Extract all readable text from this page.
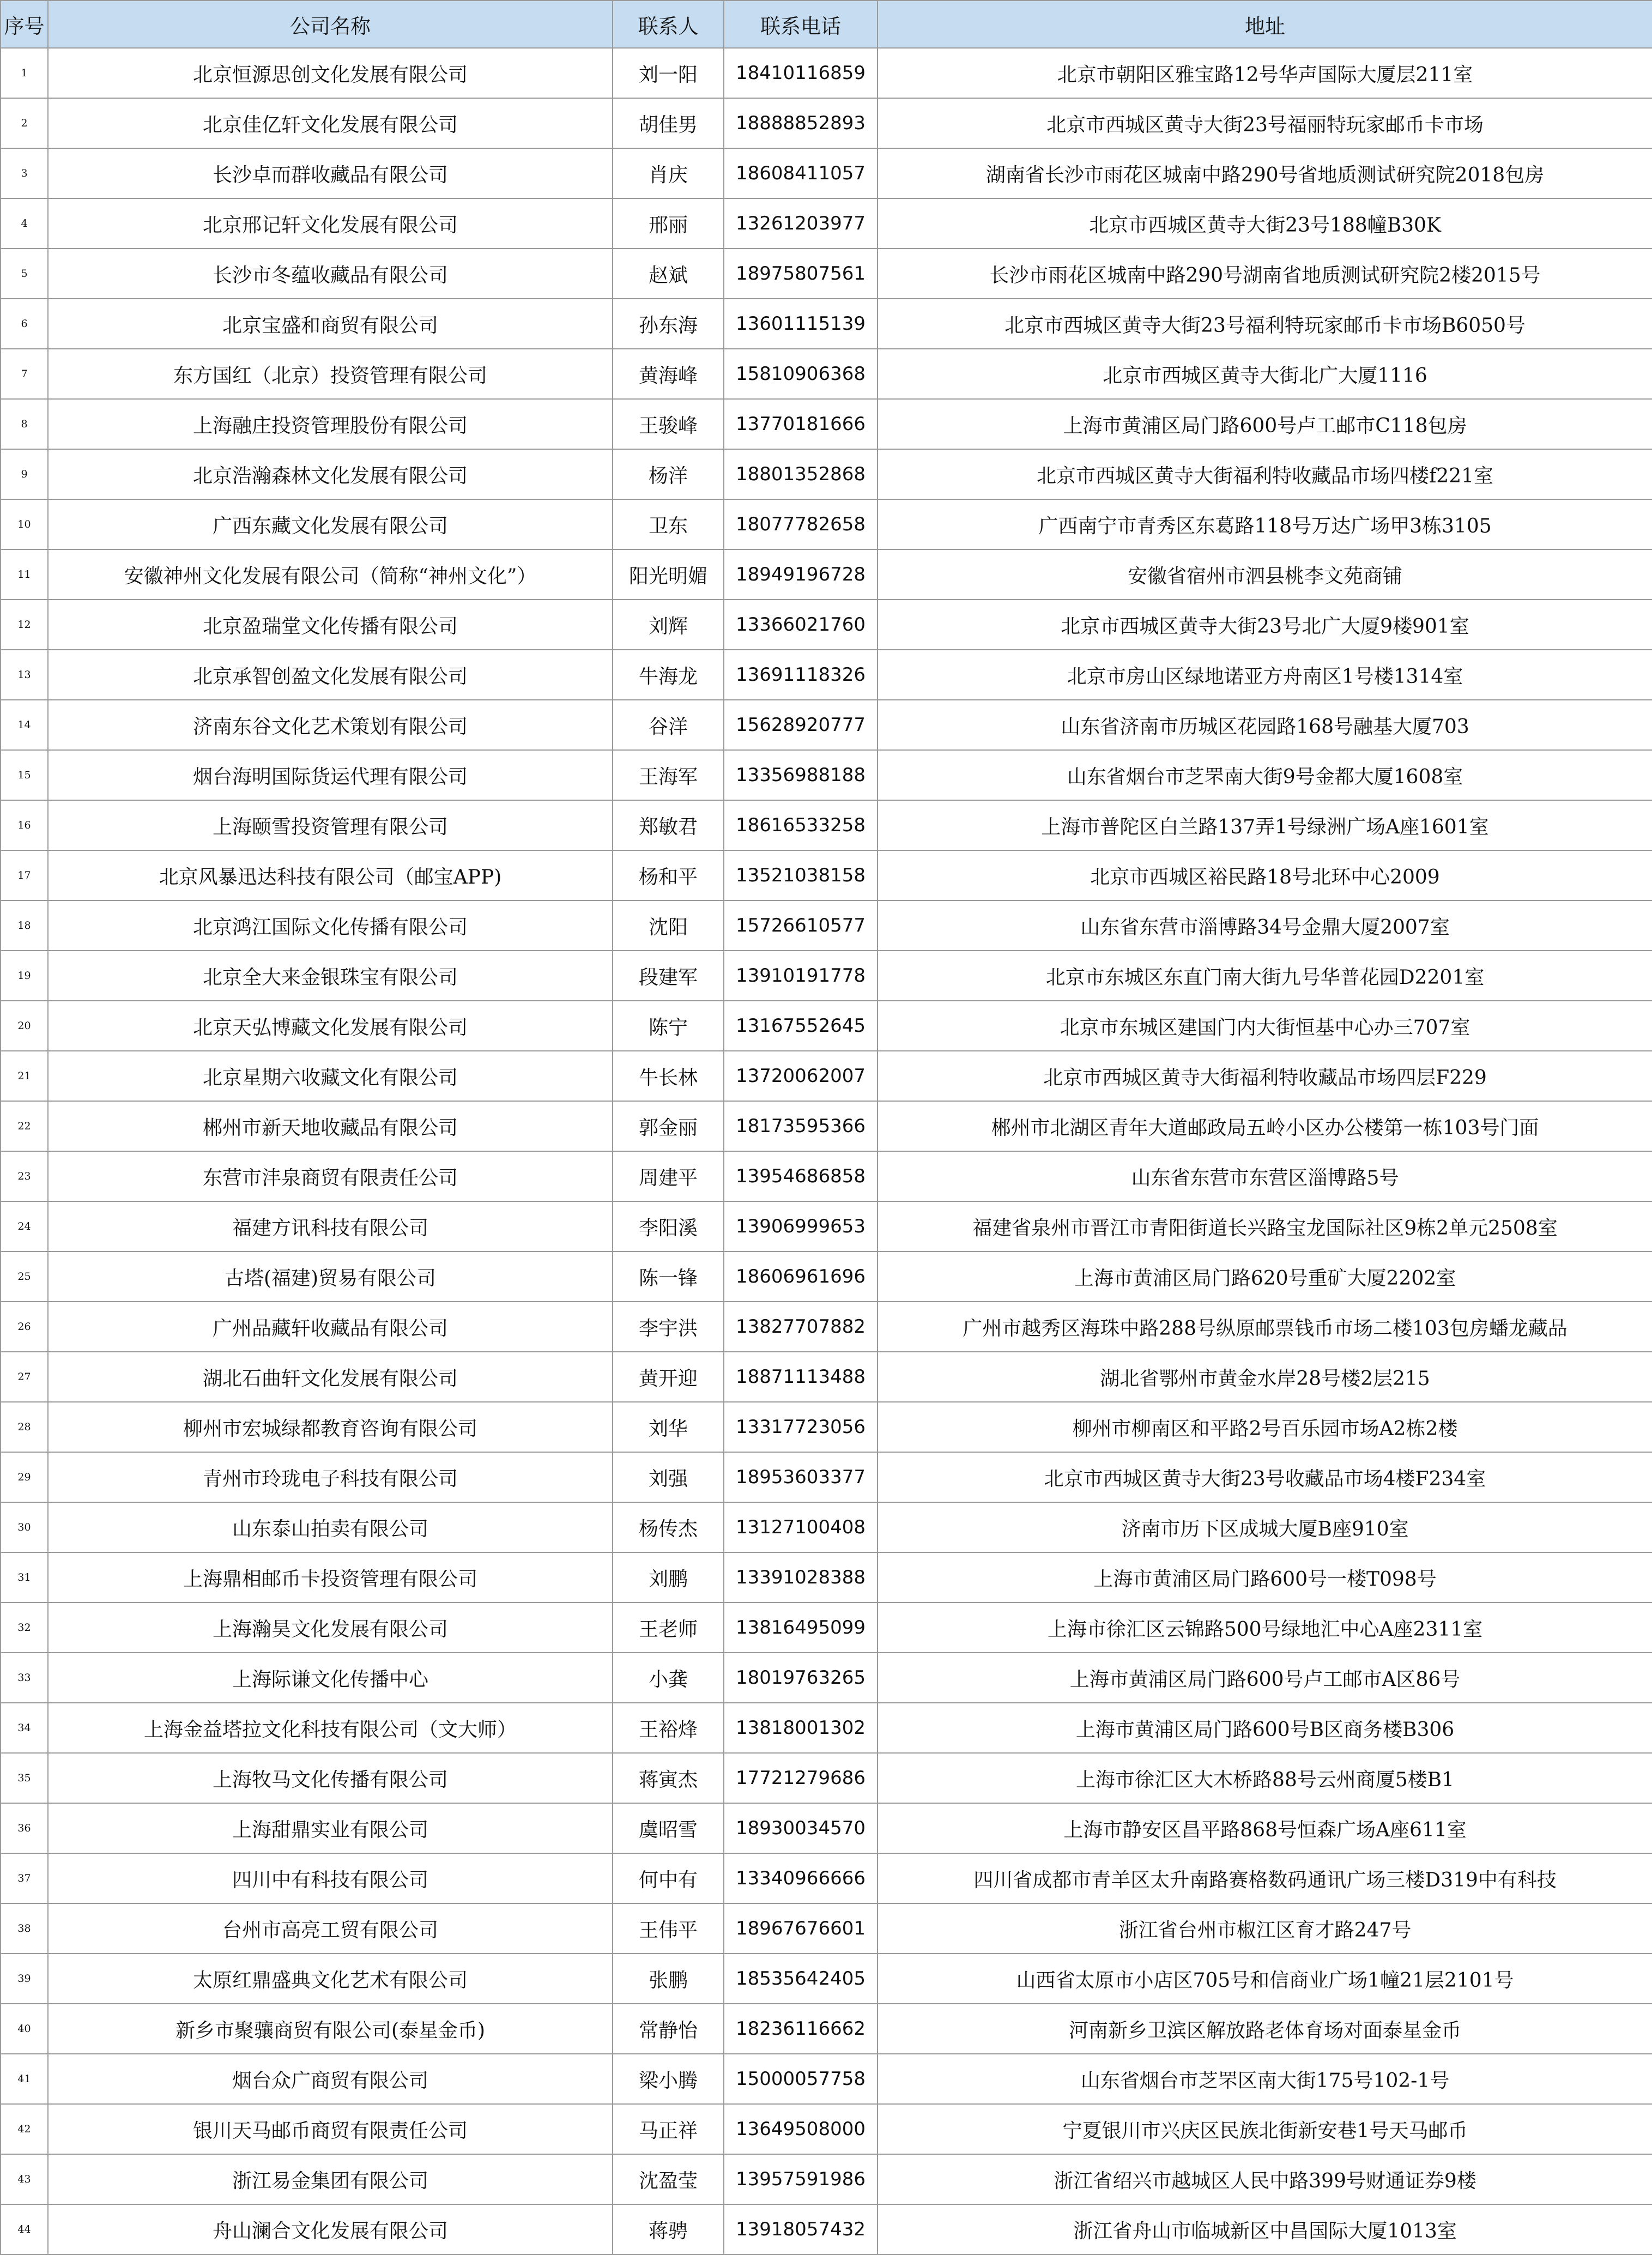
序号	公司名称	联系人	联系电话	地址
1	北京恒源思创文化发展有限公司	刘一阳	18410116859	北京市朝阳区雅宝路12号华声国际大厦层211室
2	北京佳亿轩文化发展有限公司	胡佳男	18888852893	北京市西城区黄寺大街23号福丽特玩家邮币卡市场
3	长沙卓而群收藏品有限公司	肖庆	18608411057	湖南省长沙市雨花区城南中路290号省地质测试研究院2018包房
4	北京邢记轩文化发展有限公司	邢丽	13261203977	北京市西城区黄寺大街23号188幢B30K
5	长沙市冬蕴收藏品有限公司	赵斌	18975807561	长沙市雨花区城南中路290号湖南省地质测试研究院2楼2015号
6	北京宝盛和商贸有限公司	孙东海	13601115139	北京市西城区黄寺大街23号福利特玩家邮币卡市场B6050号
7	东方国红（北京）投资管理有限公司	黄海峰	15810906368	北京市西城区黄寺大街北广大厦1116
8	上海融庄投资管理股份有限公司	王骏峰	13770181666	上海市黄浦区局门路600号卢工邮市C118包房
9	北京浩瀚森林文化发展有限公司	杨洋	18801352868	北京市西城区黄寺大街福利特收藏品市场四楼f221室
10	广西东藏文化发展有限公司	卫东	18077782658	广西南宁市青秀区东葛路118号万达广场甲3栋3105
11	安徽神州文化发展有限公司（简称“神州文化”）	阳光明媚	18949196728	安徽省宿州市泗县桃李文苑商铺
12	北京盈瑞堂文化传播有限公司	刘辉	13366021760	北京市西城区黄寺大街23号北广大厦9楼901室
13	北京承智创盈文化发展有限公司	牛海龙	13691118326	北京市房山区绿地诺亚方舟南区1号楼1314室
14	济南东谷文化艺术策划有限公司	谷洋	15628920777	山东省济南市历城区花园路168号融基大厦703
15	烟台海明国际货运代理有限公司	王海军	13356988188	山东省烟台市芝罘南大街9号金都大厦1608室
16	上海颐雪投资管理有限公司	郑敏君	18616533258	上海市普陀区白兰路137弄1号绿洲广场A座1601室
17	北京风暴迅达科技有限公司（邮宝APP)	杨和平	13521038158	北京市西城区裕民路18号北环中心2009
18	北京鸿江国际文化传播有限公司	沈阳	15726610577	山东省东营市淄博路34号金鼎大厦2007室
19	北京全大来金银珠宝有限公司	段建军	13910191778	北京市东城区东直门南大街九号华普花园D2201室
20	北京天弘博藏文化发展有限公司	陈宁	13167552645	北京市东城区建国门内大街恒基中心办三707室
21	北京星期六收藏文化有限公司	牛长林	13720062007	北京市西城区黄寺大街福利特收藏品市场四层F229
22	郴州市新天地收藏品有限公司	郭金丽	18173595366	郴州市北湖区青年大道邮政局五岭小区办公楼第一栋103号门面
23	东营市沣泉商贸有限责任公司	周建平	13954686858	山东省东营市东营区淄博路5号
24	福建方讯科技有限公司	李阳溪	13906999653	福建省泉州市晋江市青阳街道长兴路宝龙国际社区9栋2单元2508室
25	古塔(福建)贸易有限公司	陈一锋	18606961696	上海市黄浦区局门路620号重矿大厦2202室
26	广州品藏轩收藏品有限公司	李宇洪	13827707882	广州市越秀区海珠中路288号纵原邮票钱币市场二楼103包房蟠龙藏品
27	湖北石曲轩文化发展有限公司	黄开迎	18871113488	湖北省鄂州市黄金水岸28号楼2层215
28	柳州市宏城绿都教育咨询有限公司	刘华	13317723056	柳州市柳南区和平路2号百乐园市场A2栋2楼
29	青州市玲珑电子科技有限公司	刘强	18953603377	北京市西城区黄寺大街23号收藏品市场4楼F234室
30	山东泰山拍卖有限公司	杨传杰	13127100408	济南市历下区成城大厦B座910室
31	上海鼎相邮币卡投资管理有限公司	刘鹏	13391028388	上海市黄浦区局门路600号一楼T098号
32	上海瀚昊文化发展有限公司	王老师	13816495099	上海市徐汇区云锦路500号绿地汇中心A座2311室
33	上海际谦文化传播中心	小龚	18019763265	上海市黄浦区局门路600号卢工邮市A区86号
34	上海金益塔拉文化科技有限公司（文大师）	王裕烽	13818001302	上海市黄浦区局门路600号B区商务楼B306
35	上海牧马文化传播有限公司	蒋寅杰	17721279686	上海市徐汇区大木桥路88号云州商厦5楼B1
36	上海甜鼎实业有限公司	虞昭雪	18930034570	上海市静安区昌平路868号恒森广场A座611室
37	四川中有科技有限公司	何中有	13340966666	四川省成都市青羊区太升南路赛格数码通讯广场三楼D319中有科技
38	台州市高亮工贸有限公司	王伟平	18967676601	浙江省台州市椒江区育才路247号
39	太原红鼎盛典文化艺术有限公司	张鹏	18535642405	山西省太原市小店区705号和信商业广场1幢21层2101号
40	新乡市聚骧商贸有限公司(泰星金币)	常静怡	18236116662	河南新乡卫滨区解放路老体育场对面泰星金币
41	烟台众广商贸有限公司	梁小腾	15000057758	山东省烟台市芝罘区南大街175号102-1号
42	银川天马邮币商贸有限责任公司	马正祥	13649508000	宁夏银川市兴庆区民族北街新安巷1号天马邮币
43	浙江易金集团有限公司	沈盈莹	13957591986	浙江省绍兴市越城区人民中路399号财通证券9楼
44	舟山澜合文化发展有限公司	蒋骋	13918057432	浙江省舟山市临城新区中昌国际大厦1013室
